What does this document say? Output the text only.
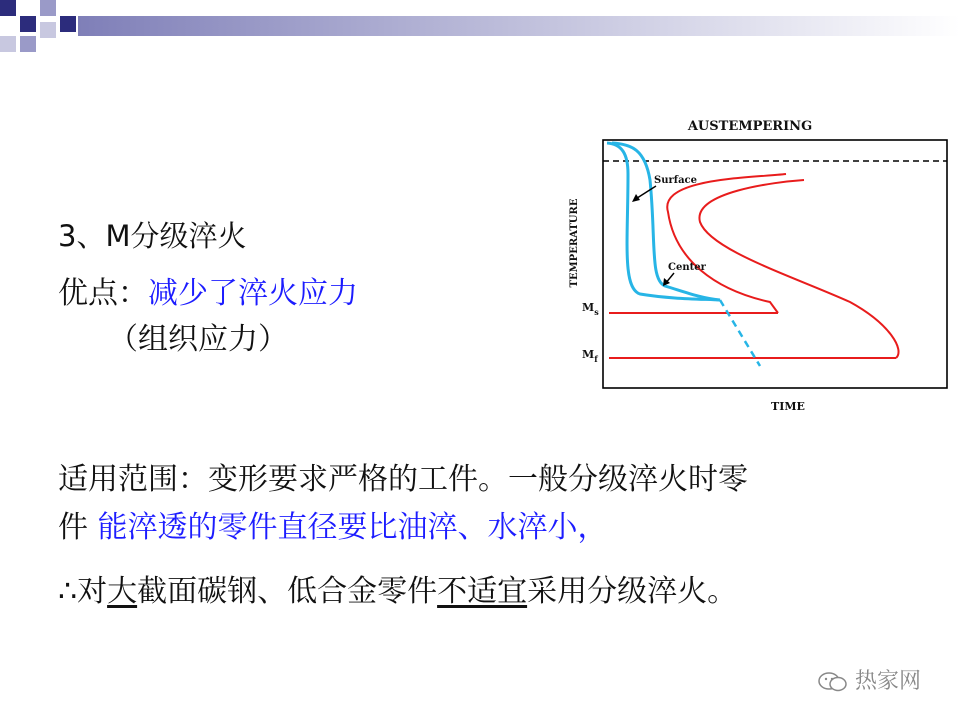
3、M分级淬火
优点：减少了淬火应力
（组织应力）
AUSTEMPERING
TEMPERATURE
TIME
Surface
Center
$M_s$
$M_f$
适用范围：变形要求严格的工件。一般分级淬火时零
件 能淬透的零件直径要比油淬、水淬小，
∴对大截面碳钢、低合金零件不适宜采用分级淬火。
热家网
